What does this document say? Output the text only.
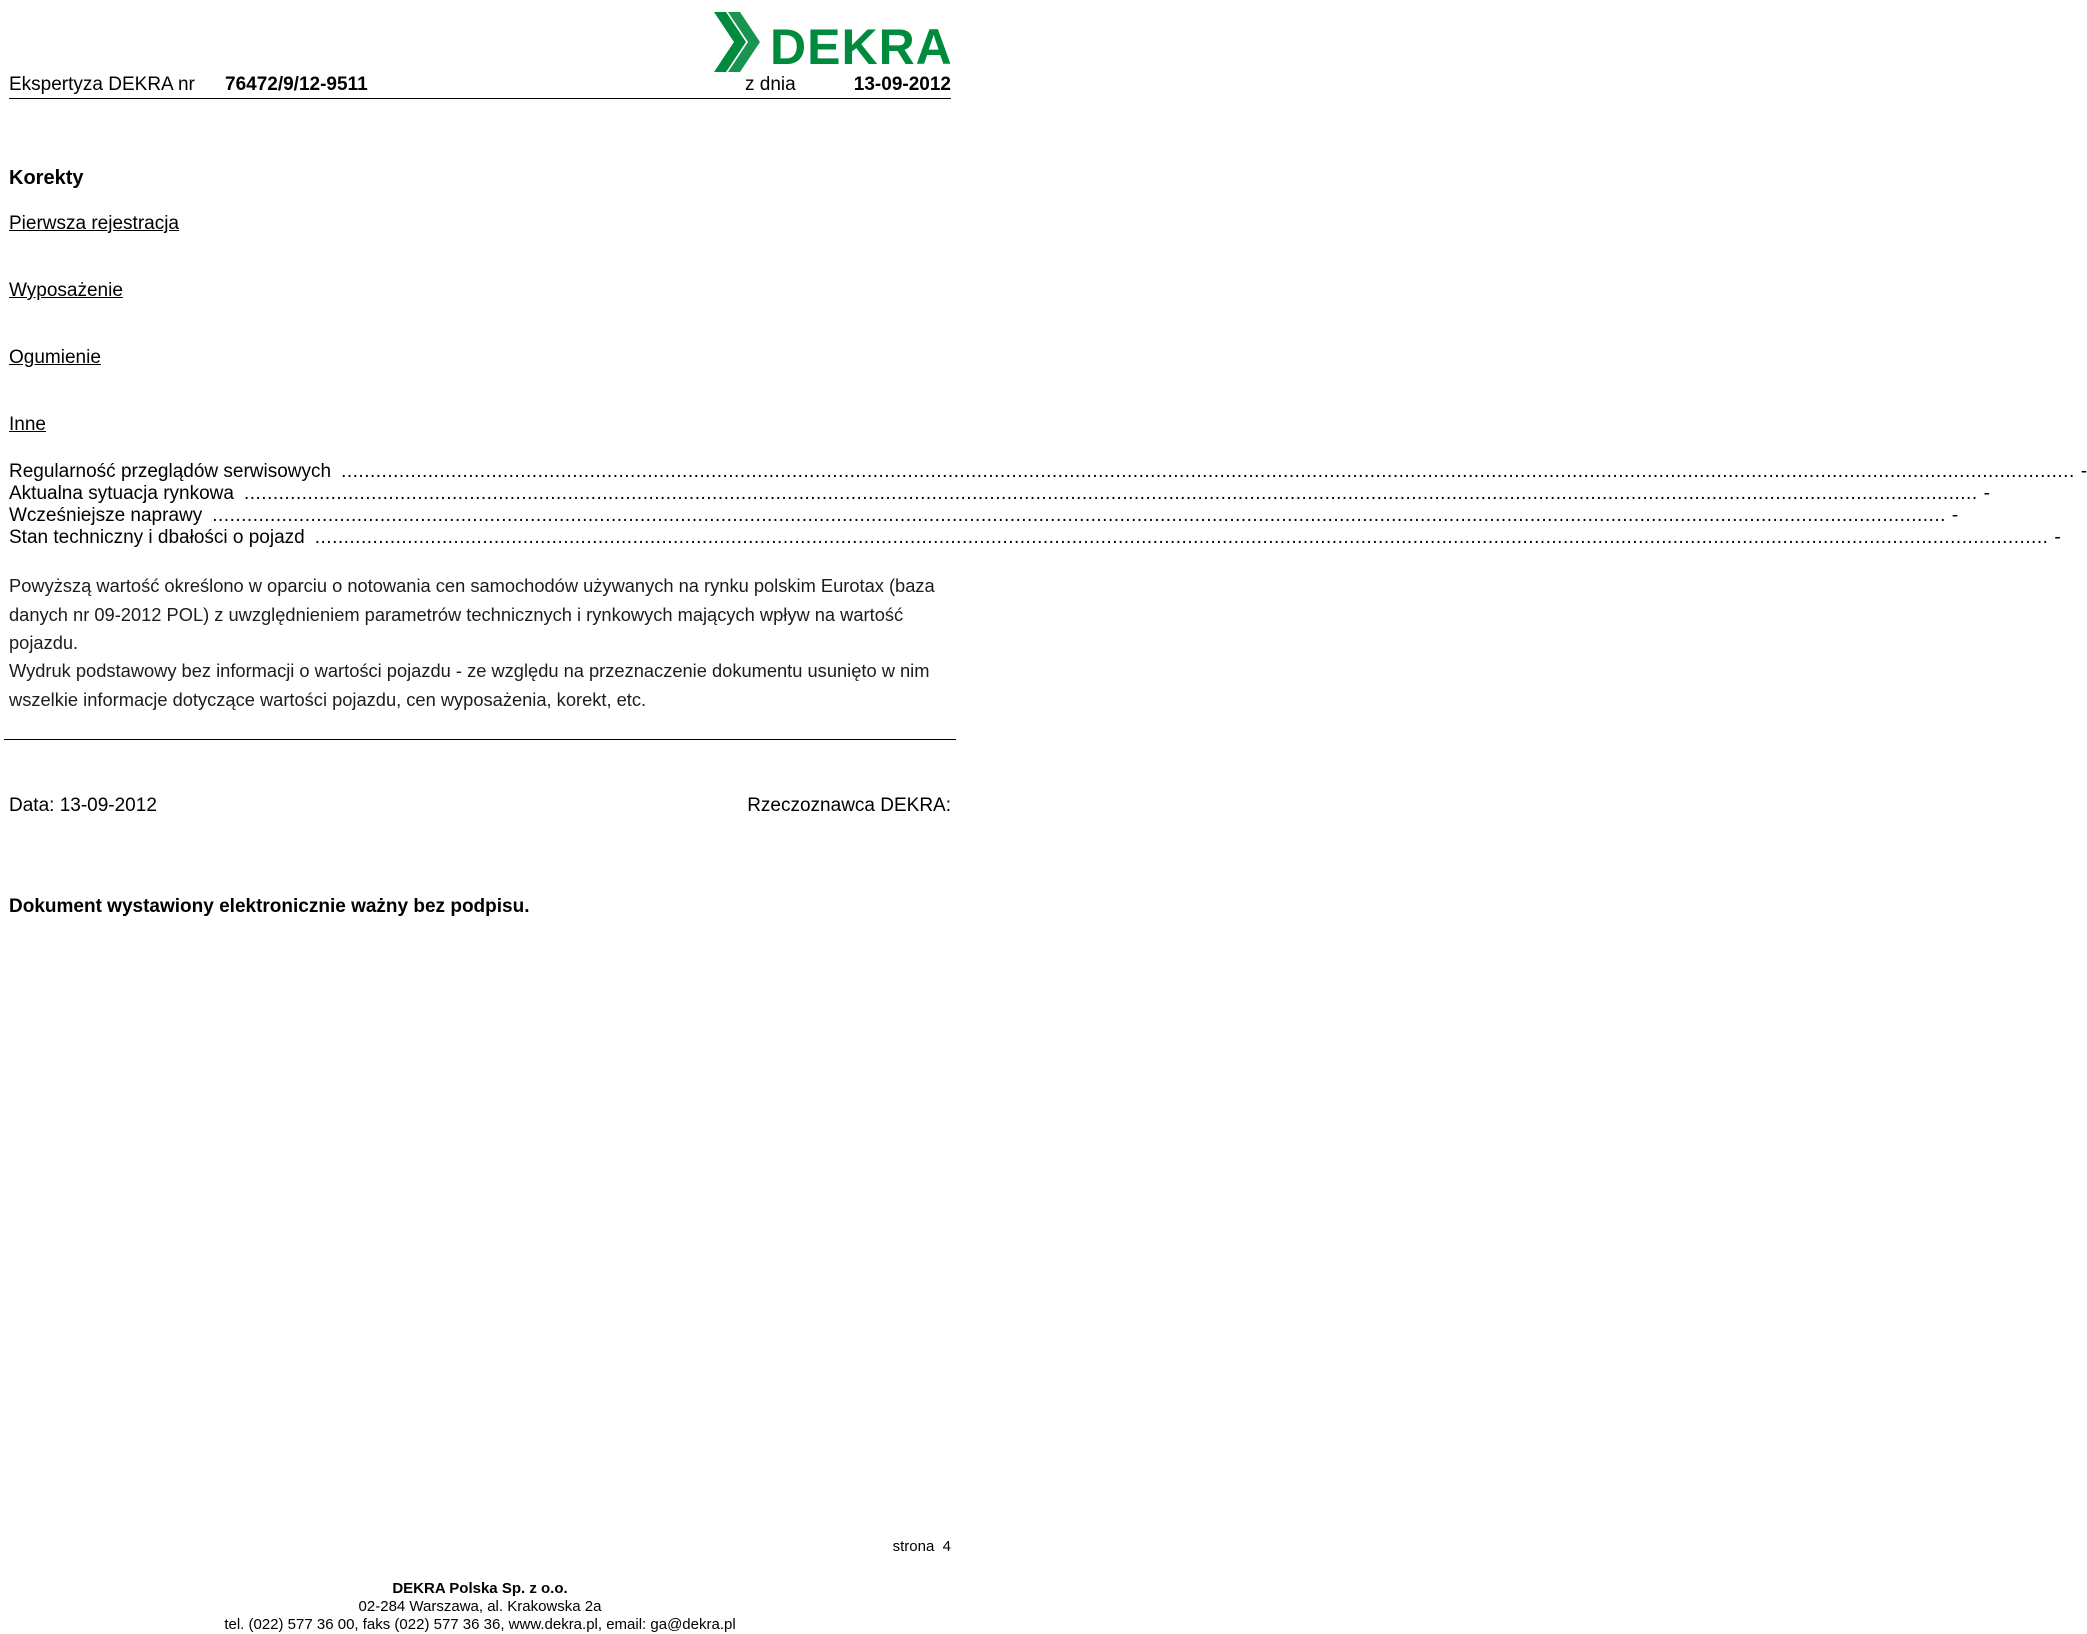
DEKRA
Ekspertyza DEKRA nr 76472/9/12-9511	z dnia	13-09-2012
Korekty
Pierwsza rejestracja
Wyposażenie
Ogumienie
Inne
Regularność przeglądów serwisowych ............................................................................................................................................................................................................................................................................................................ -
Aktualna sytuacja rynkowa ............................................................................................................................................................................................................................................................................................................ -
Wcześniejsze naprawy ............................................................................................................................................................................................................................................................................................................ -
Stan techniczny i dbałości o pojazd ............................................................................................................................................................................................................................................................................................................ -
Powyższą wartość określono w oparciu o notowania cen samochodów używanych na rynku polskim Eurotax (baza danych nr 09-2012 POL) z uwzględnieniem parametrów technicznych i rynkowych mających wpływ na wartość pojazdu.
Wydruk podstawowy bez informacji o wartości pojazdu - ze względu na przeznaczenie dokumentu usunięto w nim wszelkie informacje dotyczące wartości pojazdu, cen wyposażenia, korekt, etc.
Data: 13-09-2012	Rzeczoznawca DEKRA:
Dokument wystawiony elektronicznie ważny bez podpisu.
strona 4
DEKRA Polska Sp. z o.o.
02-284 Warszawa, al. Krakowska 2a
tel. (022) 577 36 00, faks (022) 577 36 36, www.dekra.pl, email: ga@dekra.pl
